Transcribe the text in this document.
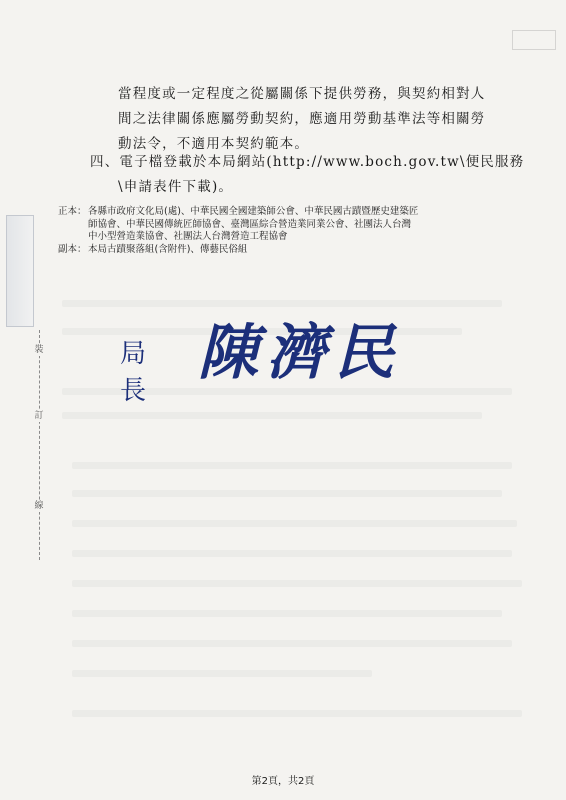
裝
訂
線
當程度或一定程度之從屬關係下提供勞務，與契約相對人
間之法律關係應屬勞動契約，應適用勞動基準法等相關勞
動法令，不適用本契約範本。
四、電子檔登載於本局網站(http://www.boch.gov.tw\便民服務
\申請表件下載)。
正本： 各縣市政府文化局(處)、中華民國全國建築師公會、中華民國古蹟暨歷史建築匠
師協會、中華民國傳統匠師協會、臺灣區綜合營造業同業公會、社團法人台灣
中小型營造業協會、社團法人台灣營造工程協會
副本： 本局古蹟聚落組(含附件)、傳藝民俗組
局長
陳濟民
第2頁，共2頁
